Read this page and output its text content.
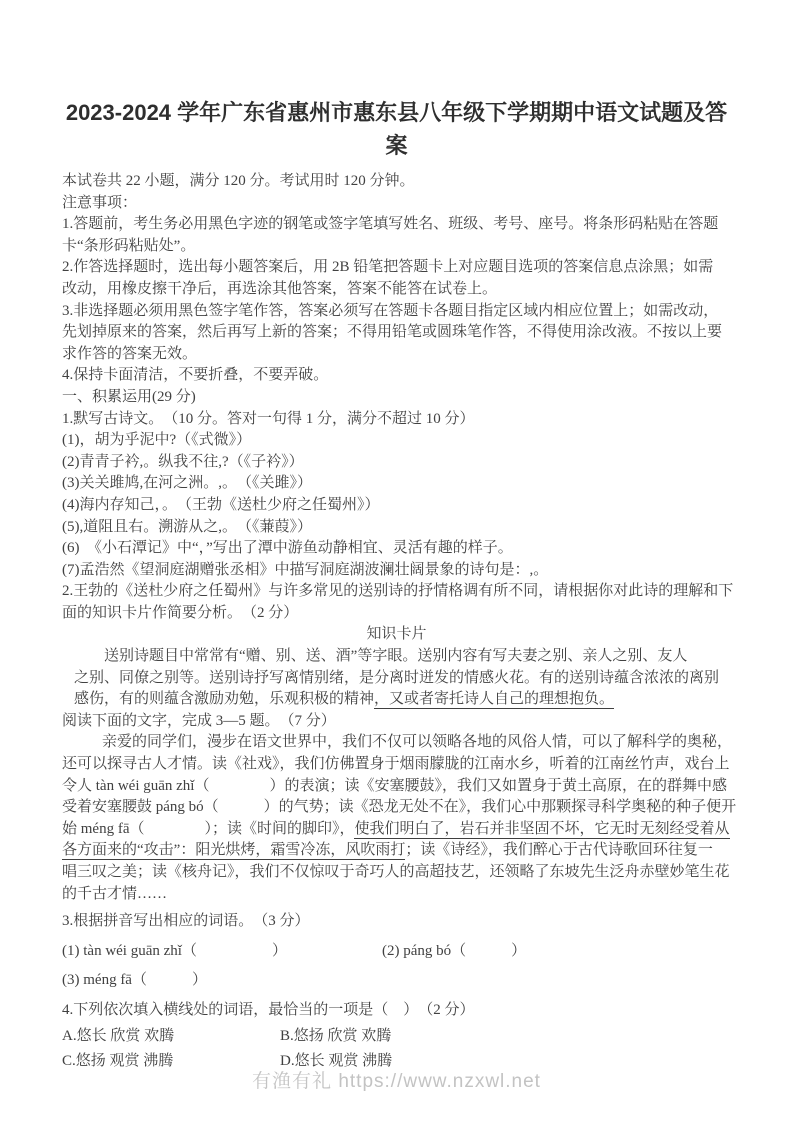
2023-2024 学年广东省惠州市惠东县八年级下学期期中语文试题及答
案
本试卷共 22 小题，满分 120 分。考试用时 120 分钟。
注意事项：
1.答题前，考生务必用黑色字迹的钢笔或签字笔填写姓名、班级、考号、座号。将条形码粘贴在答题
卡“条形码粘贴处”。
2.作答选择题时，选出每小题答案后，用 2B 铅笔把答题卡上对应题目选项的答案信息点涂黑；如需
改动，用橡皮擦干净后，再选涂其他答案，答案不能答在试卷上。
3.非选择题必须用黑色签字笔作答，答案必须写在答题卡各题目指定区域内相应位置上；如需改动，
先划掉原来的答案，然后再写上新的答案；不得用铅笔或圆珠笔作答，不得使用涂改液。不按以上要
求作答的答案无效。
4.保持卡面清洁，不要折叠，不要弄破。
一、积累运用(29 分)
1.默写古诗文。　（10 分。答对一句得 1 分，满分不超过 10 分）
(1)，胡为乎泥中?（《式微》）
(2)青青子衿,。纵我不往,?（《子衿》）
(3)关关雎鸠,在河之洲。,。　（《关雎》）
(4)海内存知己，。　（王勃《送杜少府之任蜀州》）
(5),道阻且右。溯游从之,。　（《蒹葭》）
(6)　《小石潭记》中“，”写出了潭中游鱼动静相宜、灵活有趣的样子。
(7)孟浩然《望洞庭湖赠张丞相》中描写洞庭湖波澜壮阔景象的诗句是：,。
2.王勃的《送杜少府之任蜀州》与许多常见的送别诗的抒情格调有所不同，请根据你对此诗的理解和下
面的知识卡片作简要分析。　（2 分）
知识卡片
送别诗题目中常常有“赠、别、送、酒”等字眼。送别内容有写夫妻之别、亲人之别、友人
之别、同僚之别等。送别诗抒写离情别绪，是分离时迸发的情感火花。有的送别诗蕴含浓浓的离别
感伤，有的则蕴含激励劝勉，乐观积极的精神，又或者寄托诗人自己的理想抱负。
阅读下面的文字，完成 3—5 题。　（7 分）
亲爱的同学们，漫步在语文世界中，我们不仅可以领略各地的风俗人情，可以了解科学的奥秘，
还可以探寻古人才情。读《社戏》，我们仿佛置身于烟雨朦胧的江南水乡，听着的江南丝竹声，戏台上
令人 tàn wéi guān zhǐ（　　　　）的表演；读《安塞腰鼓》，我们又如置身于黄土高原，在的群舞中感
受着安塞腰鼓 páng bó（　　　）的气势；读《恐龙无处不在》，我们心中那颗探寻科学奥秘的种子便开
始 méng fā（　　　　）；读《时间的脚印》，使我们明白了，岩石并非坚固不坏，它无时无刻经受着从
各方面来的“攻击”：阳光烘烤，霜雪冷冻，风吹雨打；读《诗经》，我们醉心于古代诗歌回环往复一
唱三叹之美；读《核舟记》，我们不仅惊叹于奇巧人的高超技艺，还领略了东坡先生泛舟赤壁妙笔生花
的千古才情……
3.根据拼音写出相应的词语。　（3 分）
(1) tàn wéi guān zhǐ（　　　　　）	(2) páng bó（　　　）
(3) méng fā（　　　）
4.下列依次填入横线处的词语，最恰当的一项是（　）　（2 分）
A.悠长 欣赏 欢腾	B.悠扬 欣赏 欢腾
C.悠扬 观赏 沸腾	D.悠长 观赏 沸腾
有渔有礼 https://www.nzxwl.net
